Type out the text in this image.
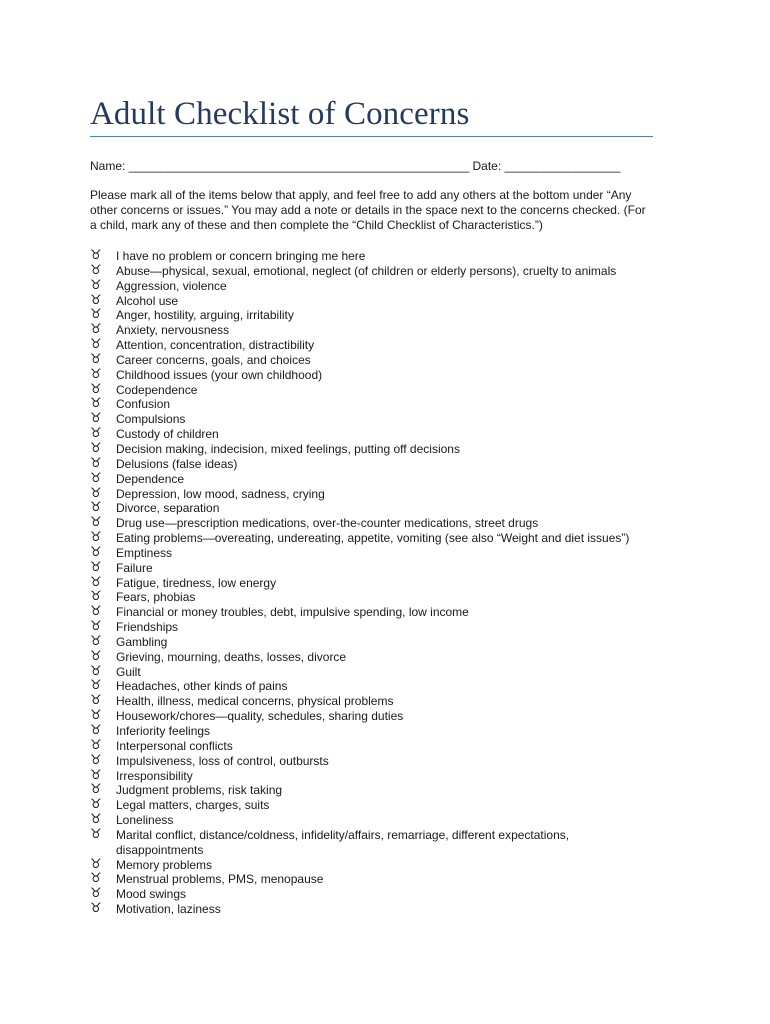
Adult Checklist of Concerns
Name: _____________________________________________________ Date: __________________
Please mark all of the items below that apply, and feel free to add any others at the bottom under “Any
other concerns or issues.” You may add a note or details in the space next to the concerns checked. (For
a child, mark any of these and then complete the “Child Checklist of Characteristics.”)
♉ I have no problem or concern bringing me here
♉ Abuse—physical, sexual, emotional, neglect (of children or elderly persons), cruelty to animals
♉ Aggression, violence
♉ Alcohol use
♉ Anger, hostility, arguing, irritability
♉ Anxiety, nervousness
♉ Attention, concentration, distractibility
♉ Career concerns, goals, and choices
♉ Childhood issues (your own childhood)
♉ Codependence
♉ Confusion
♉ Compulsions
♉ Custody of children
♉ Decision making, indecision, mixed feelings, putting off decisions
♉ Delusions (false ideas)
♉ Dependence
♉ Depression, low mood, sadness, crying
♉ Divorce, separation
♉ Drug use—prescription medications, over-the-counter medications, street drugs
♉ Eating problems—overeating, undereating, appetite, vomiting (see also “Weight and diet issues”)
♉ Emptiness
♉ Failure
♉ Fatigue, tiredness, low energy
♉ Fears, phobias
♉ Financial or money troubles, debt, impulsive spending, low income
♉ Friendships
♉ Gambling
♉ Grieving, mourning, deaths, losses, divorce
♉ Guilt
♉ Headaches, other kinds of pains
♉ Health, illness, medical concerns, physical problems
♉ Housework/chores—quality, schedules, sharing duties
♉ Inferiority feelings
♉ Interpersonal conflicts
♉ Impulsiveness, loss of control, outbursts
♉ Irresponsibility
♉ Judgment problems, risk taking
♉ Legal matters, charges, suits
♉ Loneliness
♉ Marital conflict, distance/coldness, infidelity/affairs, remarriage, different expectations,
disappointments
♉ Memory problems
♉ Menstrual problems, PMS, menopause
♉ Mood swings
♉ Motivation, laziness
